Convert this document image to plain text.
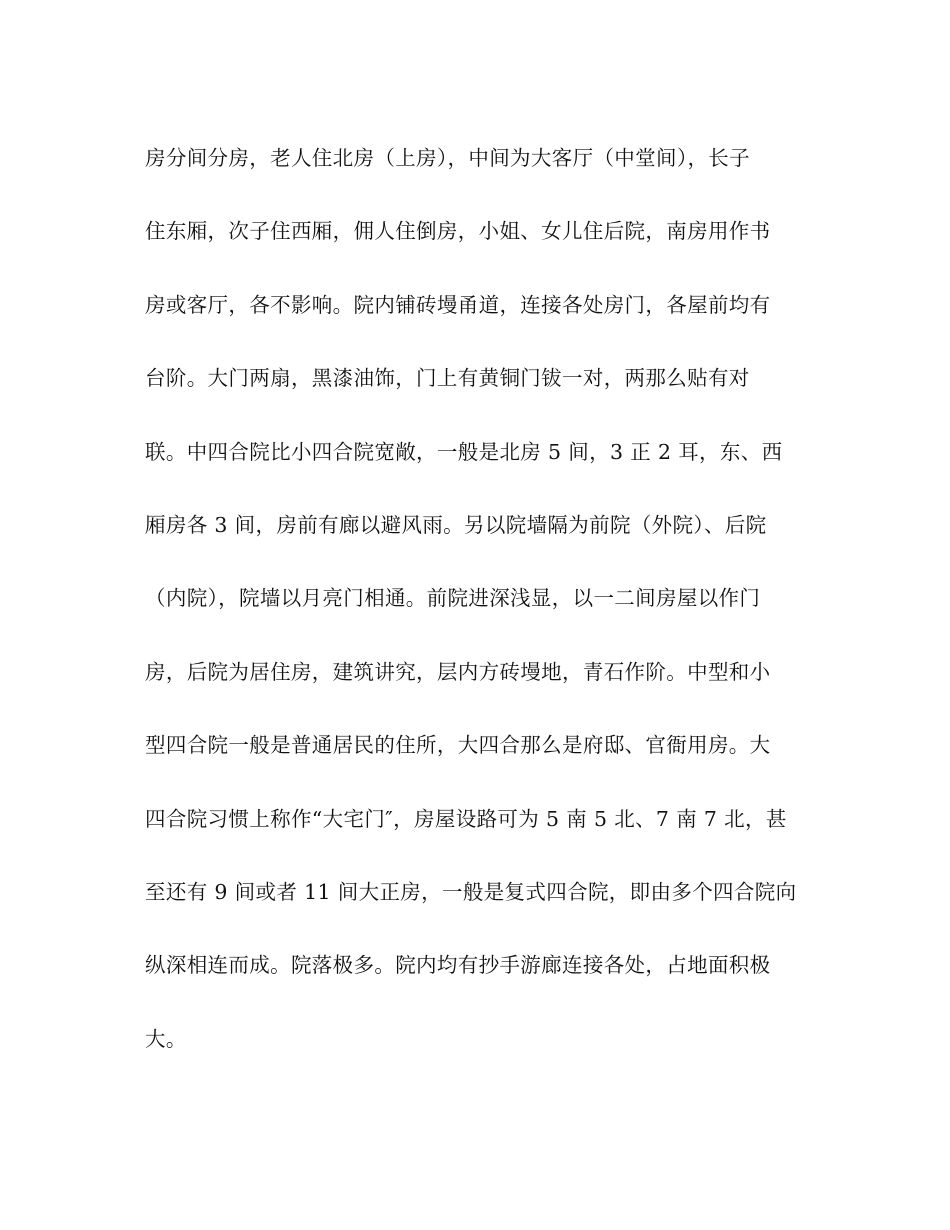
房分间分房，老人住北房（上房），中间为大客厅（中堂间），长子
住东厢，次子住西厢，佣人住倒房，小姐、女儿住后院，南房用作书
房或客厅，各不影响。院内铺砖墁甬道，连接各处房门，各屋前均有
台阶。大门两扇，黑漆油饰，门上有黄铜门钹一对，两那么贴有对
联。中四合院比小四合院宽敞，一般是北房 5 间，3 正 2 耳，东、西
厢房各 3 间，房前有廊以避风雨。另以院墙隔为前院（外院）、后院
（内院），院墙以月亮门相通。前院进深浅显，以一二间房屋以作门
房，后院为居住房，建筑讲究，层内方砖墁地，青石作阶。中型和小
型四合院一般是普通居民的住所，大四合那么是府邸、官衙用房。大
四合院习惯上称作“大宅门″，房屋设路可为 5 南 5 北、7 南 7 北，甚
至还有 9 间或者 11 间大正房，一般是复式四合院，即由多个四合院向
纵深相连而成。院落极多。院内均有抄手游廊连接各处，占地面积极
大。
